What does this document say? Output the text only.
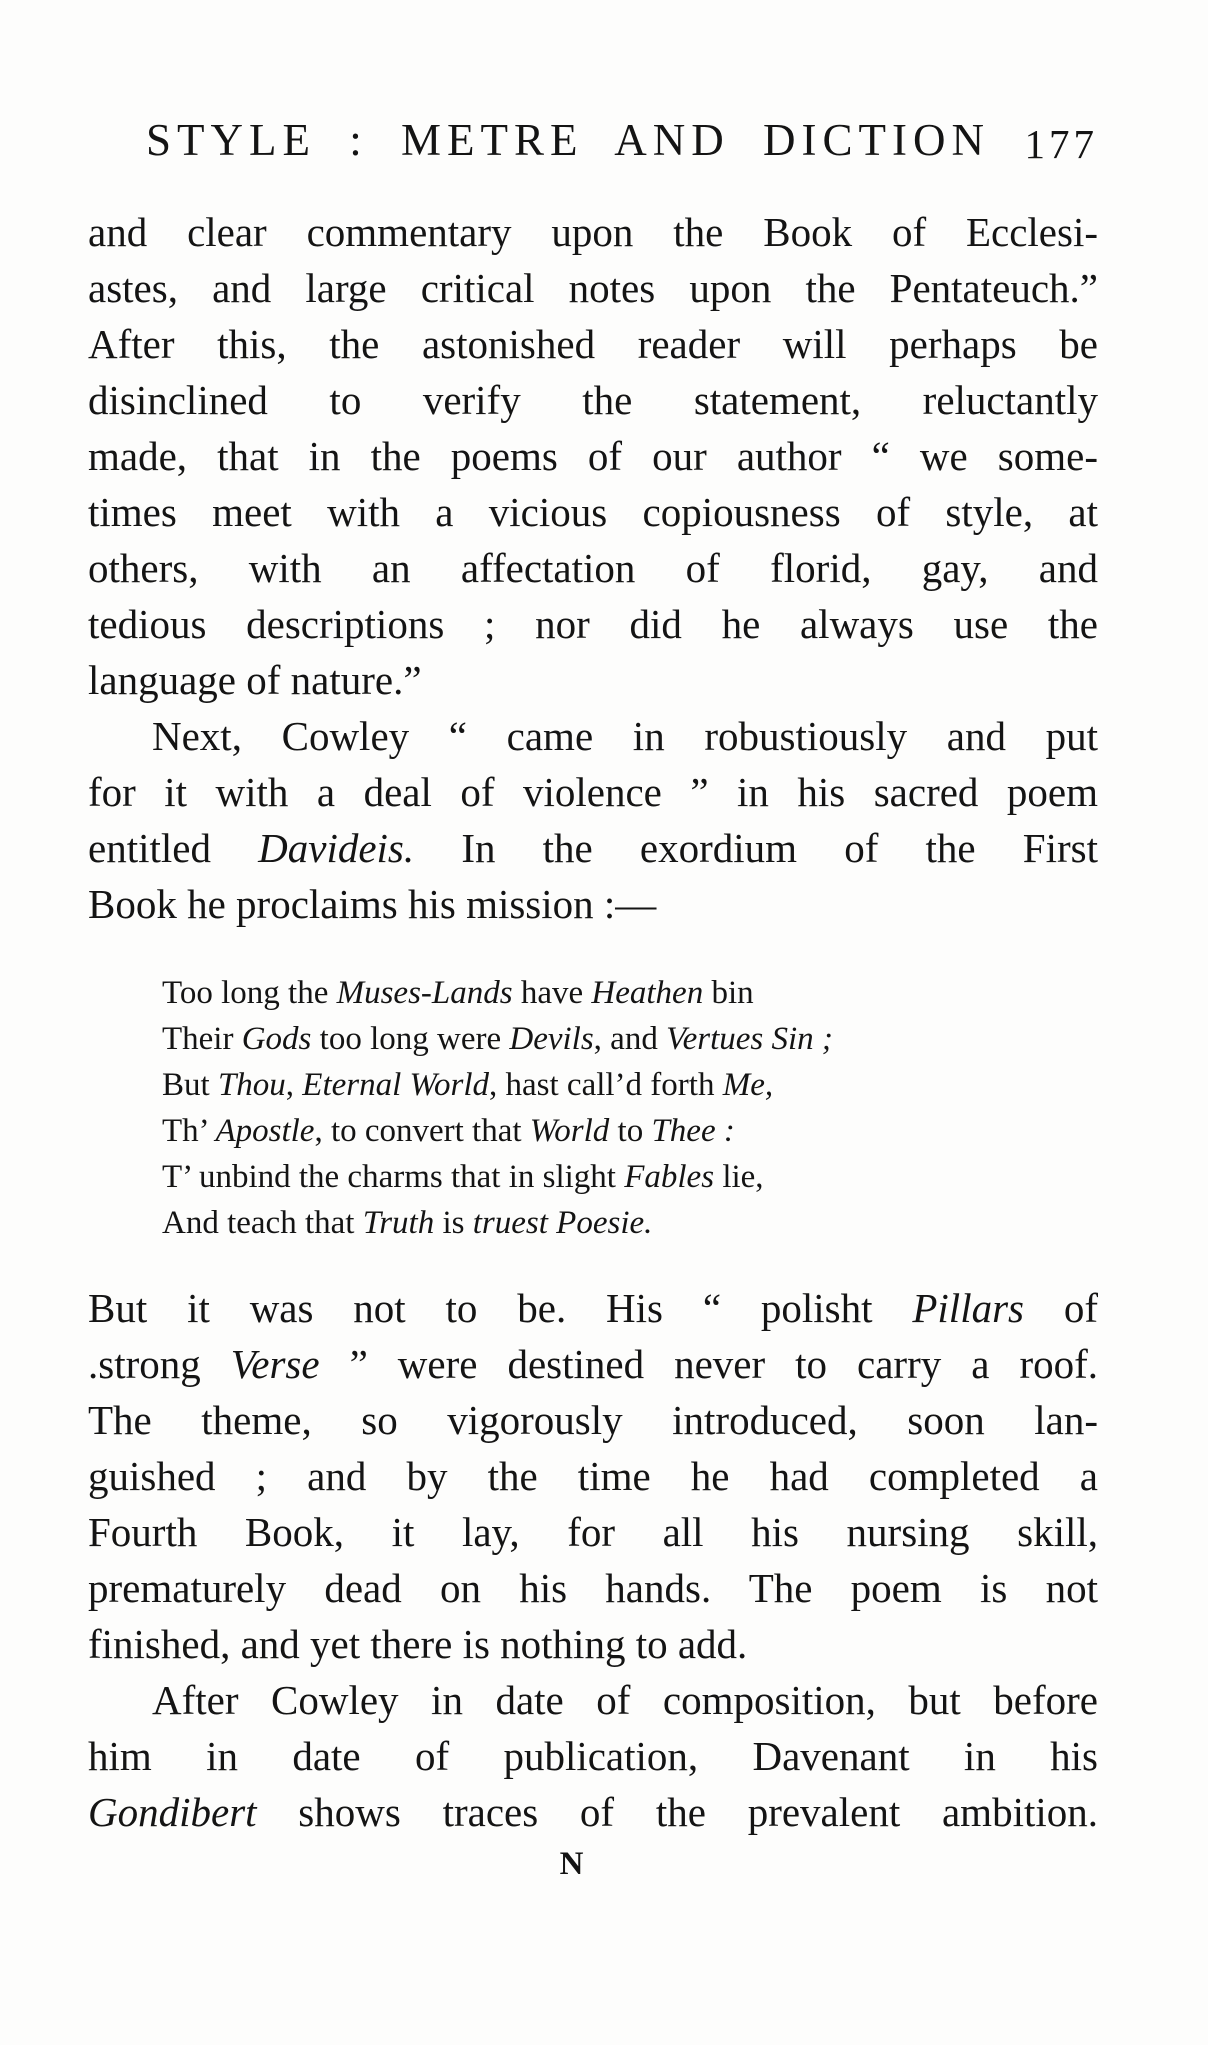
STYLE : METRE AND DICTION 177
and clear commentary upon the Book of Ecclesi-
astes, and large critical notes upon the Pentateuch.”
After this, the astonished reader will perhaps be
disinclined to verify the statement, reluctantly
made, that in the poems of our author “ we some-
times meet with a vicious copiousness of style, at
others, with an affectation of florid, gay, and
tedious descriptions ; nor did he always use the
language of nature.”
Next, Cowley “ came in robustiously and put
for it with a deal of violence ” in his sacred poem
entitled Davideis. In the exordium of the First
Book he proclaims his mission :—
Too long the Muses-Lands have Heathen bin
Their Gods too long were Devils, and Vertues Sin ;
But Thou, Eternal World, hast call’d forth Me,
Th’ Apostle, to convert that World to Thee :
T’ unbind the charms that in slight Fables lie,
And teach that Truth is truest Poesie.
But it was not to be. His “ polisht Pillars of
.strong Verse ” were destined never to carry a roof.
The theme, so vigorously introduced, soon lan-
guished ; and by the time he had completed a
Fourth Book, it lay, for all his nursing skill,
prematurely dead on his hands. The poem is not
finished, and yet there is nothing to add.
After Cowley in date of composition, but before
him in date of publication, Davenant in his
Gondibert shows traces of the prevalent ambition.
N
